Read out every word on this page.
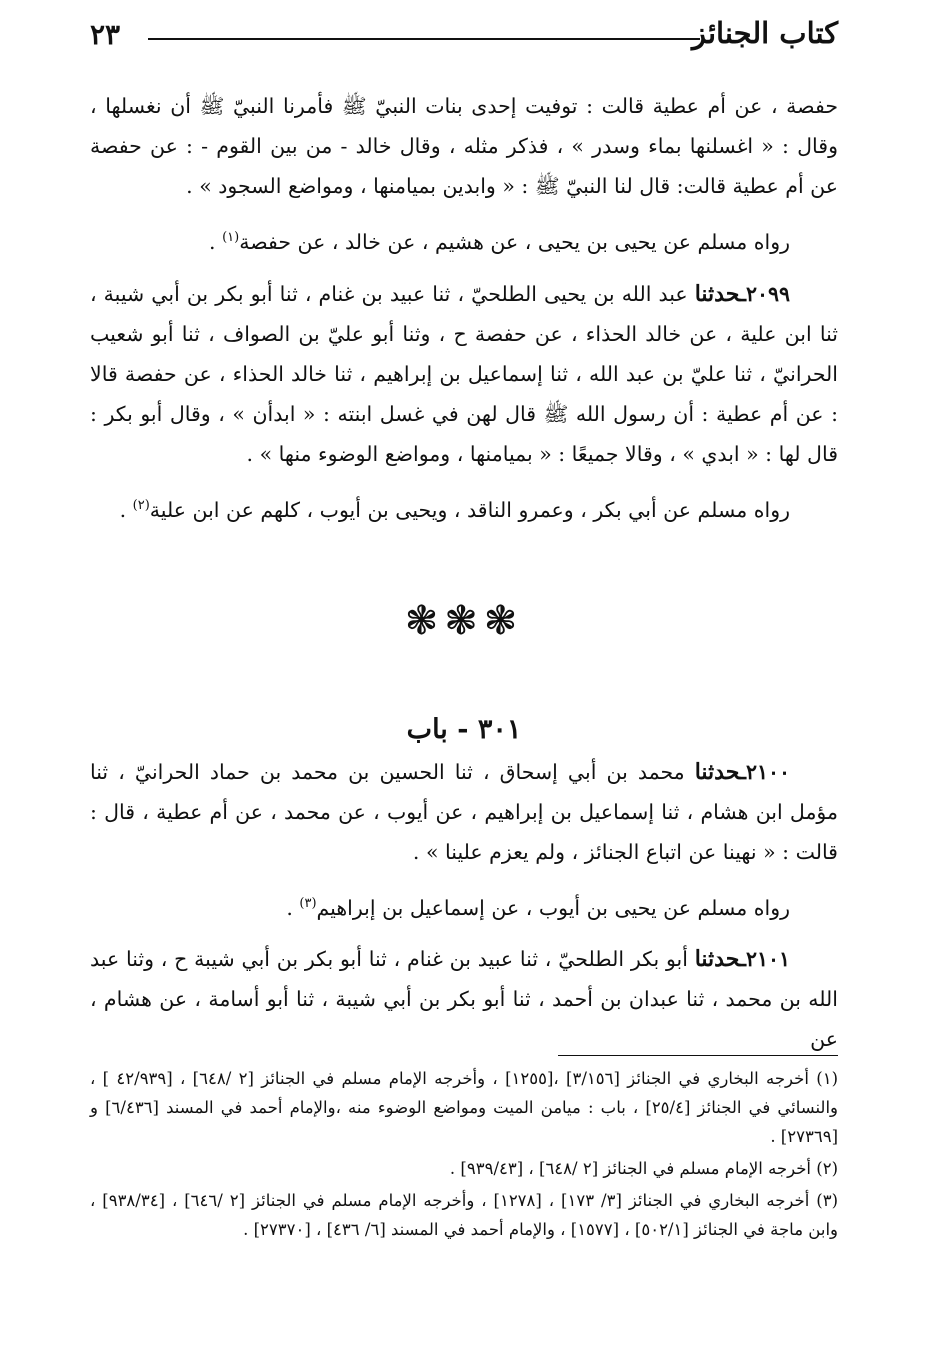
كتاب الجنائز
٢٣

حفصة ، عن أم عطية قالت : توفيت إحدى بنات النبيّ ﷺ فأمرنا النبيّ ﷺ أن نغسلها ، وقال : « اغسلنها بماء وسدر » ، فذكر مثله ، وقال خالد - من بين القوم - : عن حفصة عن أم عطية قالت: قال لنا النبيّ ﷺ : « وابدين بميامنها ، ومواضع السجود » .

رواه مسلم عن يحيى بن يحيى ، عن هشيم ، عن خالد ، عن حفصة$^{(١)}$ .

٢٠٩٩ـحدثنا عبد الله بن يحيى الطلحيّ ، ثنا عبيد بن غنام ، ثنا أبو بكر بن أبي شيبة ، ثنا ابن علية ، عن خالد الحذاء ، عن حفصة ح ، وثنا أبو عليّ بن الصواف ، ثنا أبو شعيب الحرانيّ ، ثنا عليّ بن عبد الله ، ثنا إسماعيل بن إبراهيم ، ثنا خالد الحذاء ، عن حفصة قالا : عن أم عطية : أن رسول الله ﷺ قال لهن في غسل ابنته : « ابدأن » ، وقال أبو بكر : قال لها : « ابدي » ، وقالا جميعًا : « بميامنها ، ومواضع الوضوء منها » .

رواه مسلم عن أبي بكر ، وعمرو الناقد ، ويحيى بن أيوب ، كلهم عن ابن علية$^{(٢)}$ .

❃❃❃
٣٠١ - باب

٢١٠٠ـحدثنا محمد بن أبي إسحاق ، ثنا الحسين بن محمد بن حماد الحرانيّ ، ثنا مؤمل ابن هشام ، ثنا إسماعيل بن إبراهيم ، عن أيوب ، عن محمد ، عن أم عطية ، قال : قالت : « نهينا عن اتباع الجنائز ، ولم يعزم علينا » .

رواه مسلم عن يحيى بن أيوب ، عن إسماعيل بن إبراهيم$^{(٣)}$ .

٢١٠١ـحدثنا أبو بكر الطلحيّ ، ثنا عبيد بن غنام ، ثنا أبو بكر بن أبي شيبة ح ، وثنا عبد الله بن محمد ، ثنا عبدان بن أحمد ، ثنا أبو بكر بن أبي شيبة ، ثنا أبو أسامة ، عن هشام ، عن

(١) أخرجه البخاري في الجنائز [٣/١٥٦] ،[١٢٥٥] ، وأخرجه الإمام مسلم في الجنائز [٢ /٦٤٨] ، [٤٢/٩٣٩ ] ، والنسائي في الجنائز [٢٥/٤] ، باب : ميامن الميت ومواضع الوضوء منه ،والإمام أحمد في المسند [٦/٤٣٦] و [٢٧٣٦٩] .

(٢) أخرجه الإمام مسلم في الجنائز [٢ /٦٤٨] ، [٩٣٩/٤٣] .

(٣) أخرجه البخاري في الجنائز [٣/ ١٧٣] ، [١٢٧٨] ، وأخرجه الإمام مسلم في الجنائز [٢ /٦٤٦] ، [٩٣٨/٣٤] ، وابن ماجة في الجنائز [٥٠٢/١] ، [١٥٧٧] ، والإمام أحمد في المسند [٦/ ٤٣٦] ، [٢٧٣٧٠] .
